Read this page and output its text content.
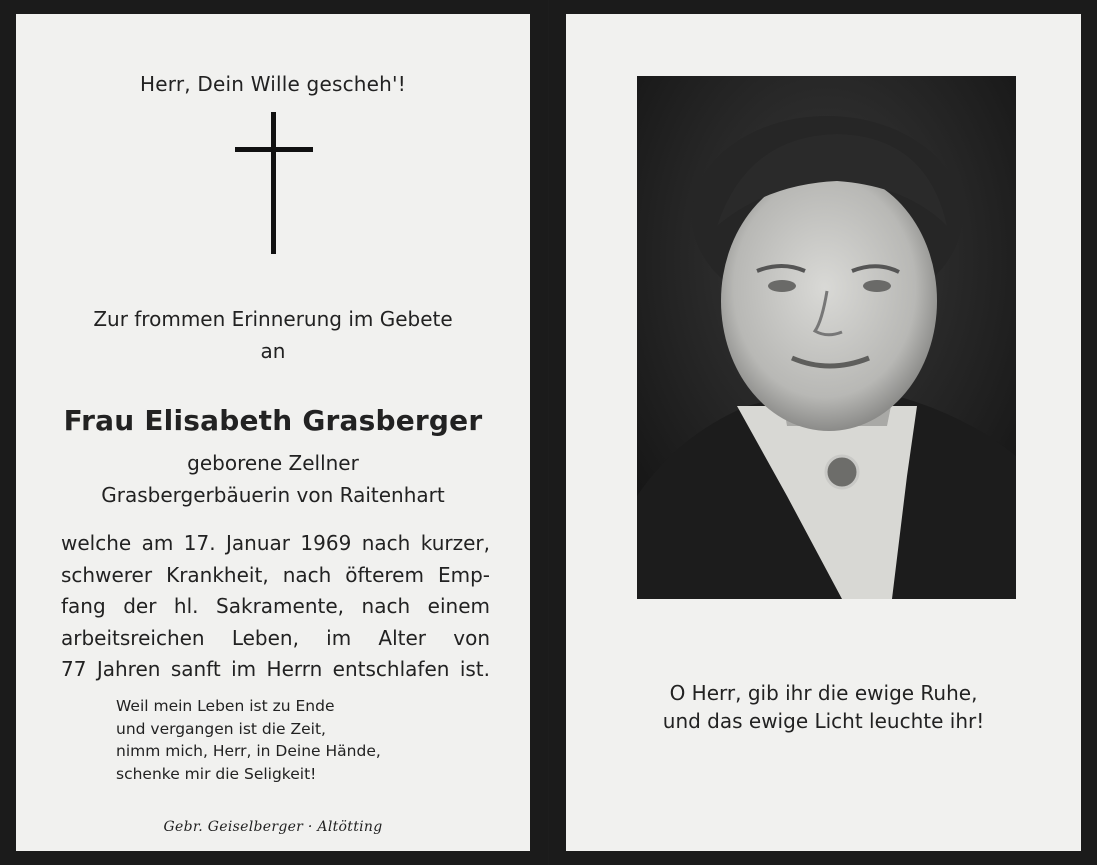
Herr, Dein Wille gescheh'!
Zur frommen Erinnerung im Gebete
an
Frau Elisabeth Grasberger
geborene Zellner
Grasbergerbäuerin von Raitenhart
welche am 17. Januar 1969 nach kurzer,
schwerer Krankheit, nach öfterem Emp-
fang der hl. Sakramente, nach einem
arbeitsreichen Leben, im Alter von
77 Jahren sanft im Herrn entschlafen ist.
Weil mein Leben ist zu Ende
und vergangen ist die Zeit,
nimm mich, Herr, in Deine Hände,
schenke mir die Seligkeit!
Gebr. Geiselberger · Altötting
O Herr, gib ihr die ewige Ruhe,
und das ewige Licht leuchte ihr!
